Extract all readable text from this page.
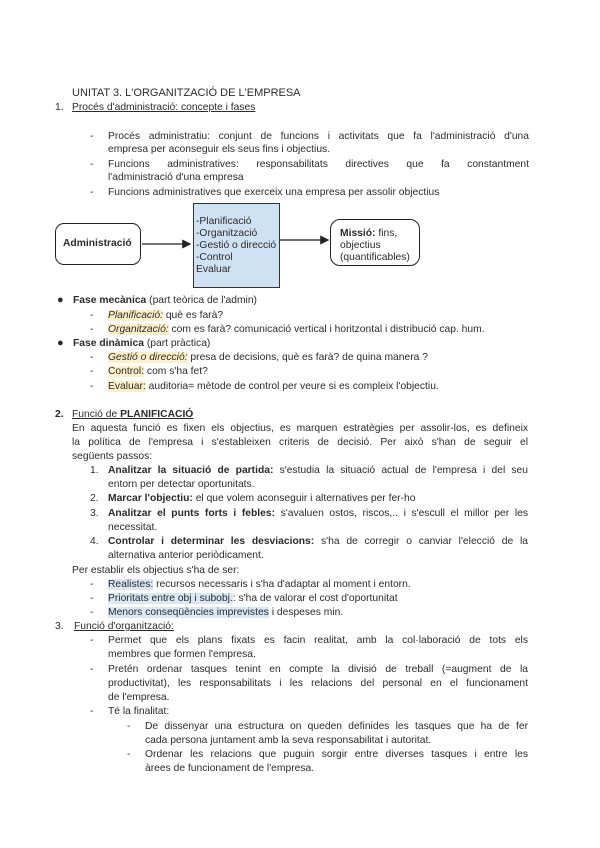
UNITAT 3. L'ORGANITZACIÓ DE L'EMPRESA
1. Procés d'administració: concepte i fases
- Procés administratiu: conjunt de funcions i activitats que fa l'administració d'una
empresa per aconseguir els seus fins i objectius.
- Funcions administratives: responsabilitats directives que fa constantment
l'administració d'una empresa
- Funcions administratives que exerceix una empresa per assolir objectius
Administració
-Planificació
-Organització
-Gestió o direcció
-Control
Evaluar
Missió: fins,
objectius
(quantificables)
● Fase mecànica (part teòrica de l'admin)
- Planificació: què es farà?
- Organització: com es farà? comunicació vertical i horitzontal i distribució cap. hum.
● Fase dinàmica (part pràctica)
- Gestió o direcció: presa de decisions, què es farà? de quina manera ?
- Control: com s'ha fet?
- Evaluar: auditoria= mètode de control per veure si es compleix l'objectiu.
2. Funció de PLANIFICACIÓ
En aquesta funció es fixen els objectius, es marquen estratègies per assolir-los, es defineix
la política de l'empresa i s'estableixen criteris de decisió. Per això s'han de seguir el
següents passos:
1. Analitzar la situació de partida: s'estudia la situació actual de l'empresa i del seu
entorn per detectar oportunitats.
2. Marcar l'objectiu: el que volem aconseguir i alternatives per fer-ho
3. Analitzar el punts forts i febles: s'avaluen ostos, riscos,.. i s'escull el millor per les
necessitat.
4. Controlar i determinar les desviacions: s'ha de corregir o canviar l'elecció de la
alternativa anterior periòdicament.
Per establir els objectius s'ha de ser:
- Realistes: recursos necessaris i s'ha d'adaptar al moment i entorn.
- Prioritats entre obj i subobj.: s'ha de valorar el cost d'oportunitat
- Menors conseqüències imprevistes i despeses min.
3. Funció d'organització:
- Permet que els plans fixats es facin realitat, amb la col·laboració de tots els
membres que formen l'empresa.
- Pretén ordenar tasques tenint en compte la divisió de treball (=augment de la
productivitat), les responsabilitats i les relacions del personal en el funcionament
de l'empresa.
- Té la finalitat:
- De dissenyar una estructura on queden definides les tasques que ha de fer
cada persona juntament amb la seva responsabilitat i autoritat.
- Ordenar les relacions que puguin sorgir entre diverses tasques i entre les
àrees de funcionament de l'empresa.
